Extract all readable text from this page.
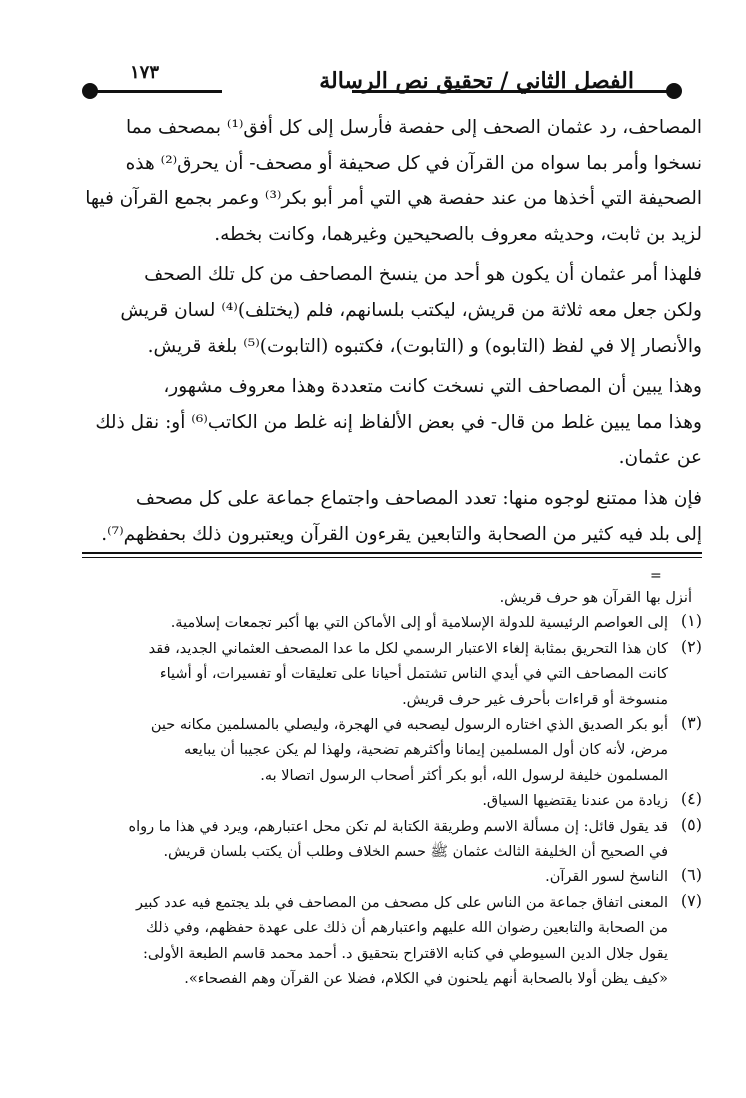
الفصل الثاني / تحقيق نص الرسالة
١٧٣

المصاحف، رد عثمان الصحف إلى حفصة فأرسل إلى كل أفق⁽¹⁾ بمصحف مما

نسخوا وأمر بما سواه من القرآن في كل صحيفة أو مصحف- أن يحرق⁽²⁾ هذه

الصحيفة التي أخذها من عند حفصة هي التي أمر أبو بكر⁽³⁾ وعمر بجمع القرآن فيها

لزيد بن ثابت، وحديثه معروف بالصحيحين وغيرهما، وكانت بخطه.

فلهذا أمر عثمان أن يكون هو أحد من ينسخ المصاحف من كل تلك الصحف

ولكن جعل معه ثلاثة من قريش، ليكتب بلسانهم، فلم (يختلف)⁽⁴⁾ لسان قريش

والأنصار إلا في لفظ (التابوه) و (التابوت)، فكتبوه (التابوت)⁽⁵⁾ بلغة قريش.

وهذا يبين أن المصاحف التي نسخت كانت متعددة وهذا معروف مشهور،

وهذا مما يبين غلط من قال- في بعض الألفاظ إنه غلط من الكاتب⁽⁶⁾ أو: نقل ذلك

عن عثمان.

فإن هذا ممتنع لوجوه منها: تعدد المصاحف واجتماع جماعة على كل مصحف

إلى بلد فيه كثير من الصحابة والتابعين يقرءون القرآن ويعتبرون ذلك بحفظهم⁽⁷⁾.

=

أنزل بها القرآن هو حرف قريش.

(١)

إلى العواصم الرئيسية للدولة الإسلامية أو إلى الأماكن التي بها أكبر تجمعات إسلامية.

(٢)

كان هذا التحريق بمثابة إلغاء الاعتبار الرسمي لكل ما عدا المصحف العثماني الجديد، فقد

كانت المصاحف التي في أيدي الناس تشتمل أحيانا على تعليقات أو تفسيرات، أو أشياء

منسوخة أو قراءات بأحرف غير حرف قريش.

(٣)

أبو بكر الصديق الذي اختاره الرسول ليصحبه في الهجرة، وليصلي بالمسلمين مكانه حين

مرض، لأنه كان أول المسلمين إيمانا وأكثرهم تضحية، ولهذا لم يكن عجيبا أن يبايعه

المسلمون خليفة لرسول الله، أبو بكر أكثر أصحاب الرسول اتصالا به.

(٤)

زيادة من عندنا يقتضيها السياق.

(٥)

قد يقول قائل: إن مسألة الاسم وطريقة الكتابة لم تكن محل اعتبارهم، ويرد في هذا ما رواه

في الصحيح أن الخليفة الثالث عثمان ﷺ حسم الخلاف وطلب أن يكتب بلسان قريش.

(٦)

الناسخ لسور القرآن.

(٧)

المعنى اتفاق جماعة من الناس على كل مصحف من المصاحف في بلد يجتمع فيه عدد كبير

من الصحابة والتابعين رضوان الله عليهم واعتبارهم أن ذلك على عهدة حفظهم، وفي ذلك

يقول جلال الدين السيوطي في كتابه الاقتراح بتحقيق د. أحمد محمد قاسم الطبعة الأولى:

«كيف يظن أولا بالصحابة أنهم يلحنون في الكلام، فضلا عن القرآن وهم الفصحاء».
